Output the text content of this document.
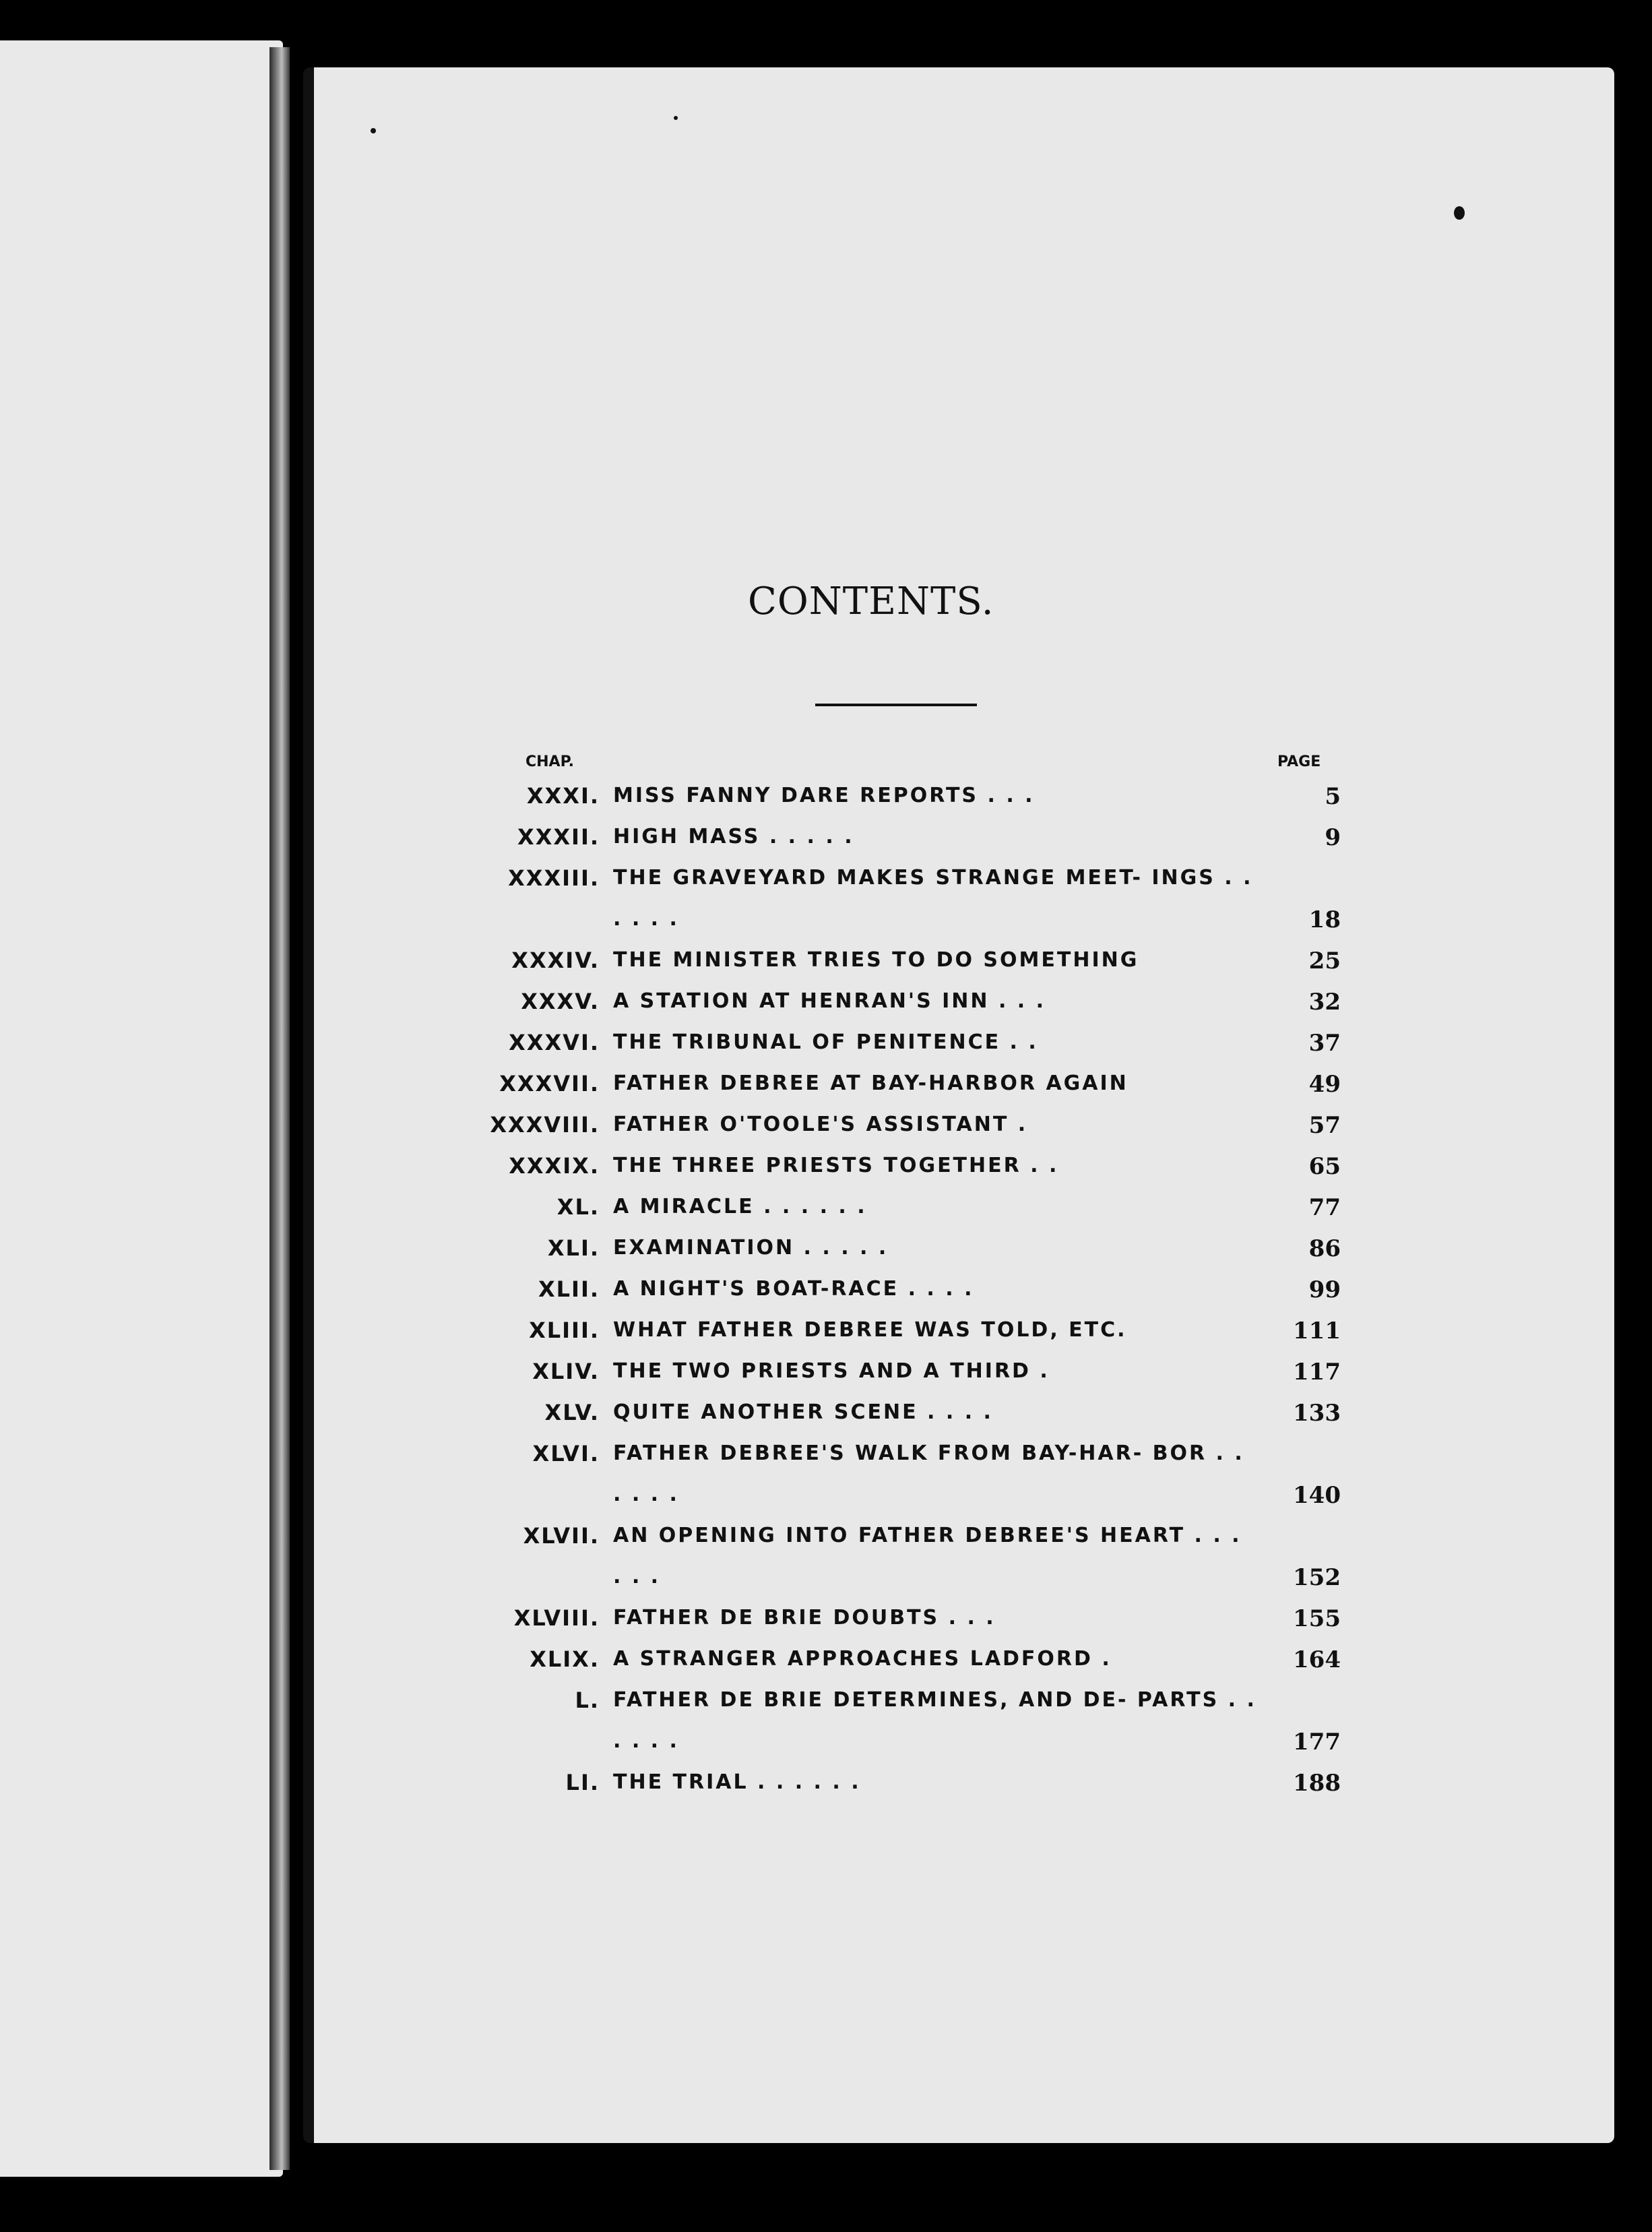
CONTENTS.
CHAP.	PAGE
XXXI. MISS FANNY DARE REPORTS . . .	5
XXXII. HIGH MASS . . . . .	9
XXXIII. THE GRAVEYARD MAKES STRANGE MEET- INGS . . . . . .	18
XXXIV. THE MINISTER TRIES TO DO SOMETHING	25
XXXV. A STATION AT HENRAN'S INN . . .	32
XXXVI. THE TRIBUNAL OF PENITENCE . .	37
XXXVII. FATHER DEBREE AT BAY-HARBOR AGAIN	49
XXXVIII. FATHER O'TOOLE'S ASSISTANT .	57
XXXIX. THE THREE PRIESTS TOGETHER . .	65
XL. A MIRACLE . . . . . .	77
XLI. EXAMINATION . . . . .	86
XLII. A NIGHT'S BOAT-RACE . . . .	99
XLIII. WHAT FATHER DEBREE WAS TOLD, ETC.	111
XLIV. THE TWO PRIESTS AND A THIRD .	117
XLV. QUITE ANOTHER SCENE . . . .	133
XLVI. FATHER DEBREE'S WALK FROM BAY-HAR- BOR . . . . . .	140
XLVII. AN OPENING INTO FATHER DEBREE'S HEART . . . . . .	152
XLVIII. FATHER DE BRIE DOUBTS . . .	155
XLIX. A STRANGER APPROACHES LADFORD .	164
L. FATHER DE BRIE DETERMINES, AND DE- PARTS . . . . . .	177
LI. THE TRIAL . . . . . .	188
